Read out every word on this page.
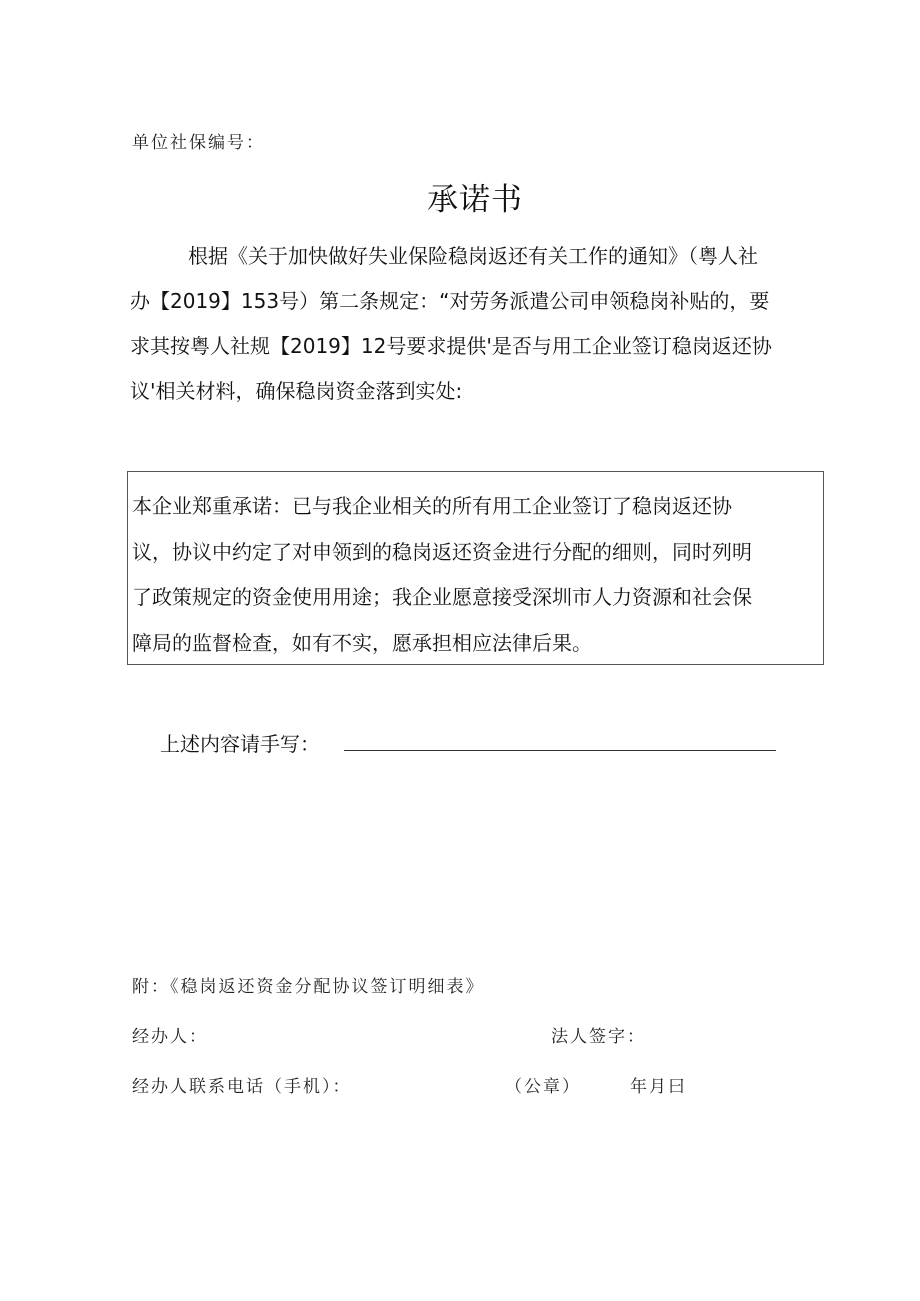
单位社保编号：
承诺书
根据《关于加快做好失业保险稳岗返还有关工作的通知》（粤人社
办【2019】153号）第二条规定：“对劳务派遣公司申领稳岗补贴的，要
求其按粤人社规【2019】12号要求提供'是否与用工企业签订稳岗返还协
议'相关材料，确保稳岗资金落到实处:
本企业郑重承诺：已与我企业相关的所有用工企业签订了稳岗返还协
议，协议中约定了对申领到的稳岗返还资金进行分配的细则，同时列明
了政策规定的资金使用用途；我企业愿意接受深圳市人力资源和社会保
障局的监督检查，如有不实，愿承担相应法律后果。
上述内容请手写：
附：《稳岗返还资金分配协议签订明细表》
经办人：	法人签字：
经办人联系电话（手机）：	（公章）	年月曰
